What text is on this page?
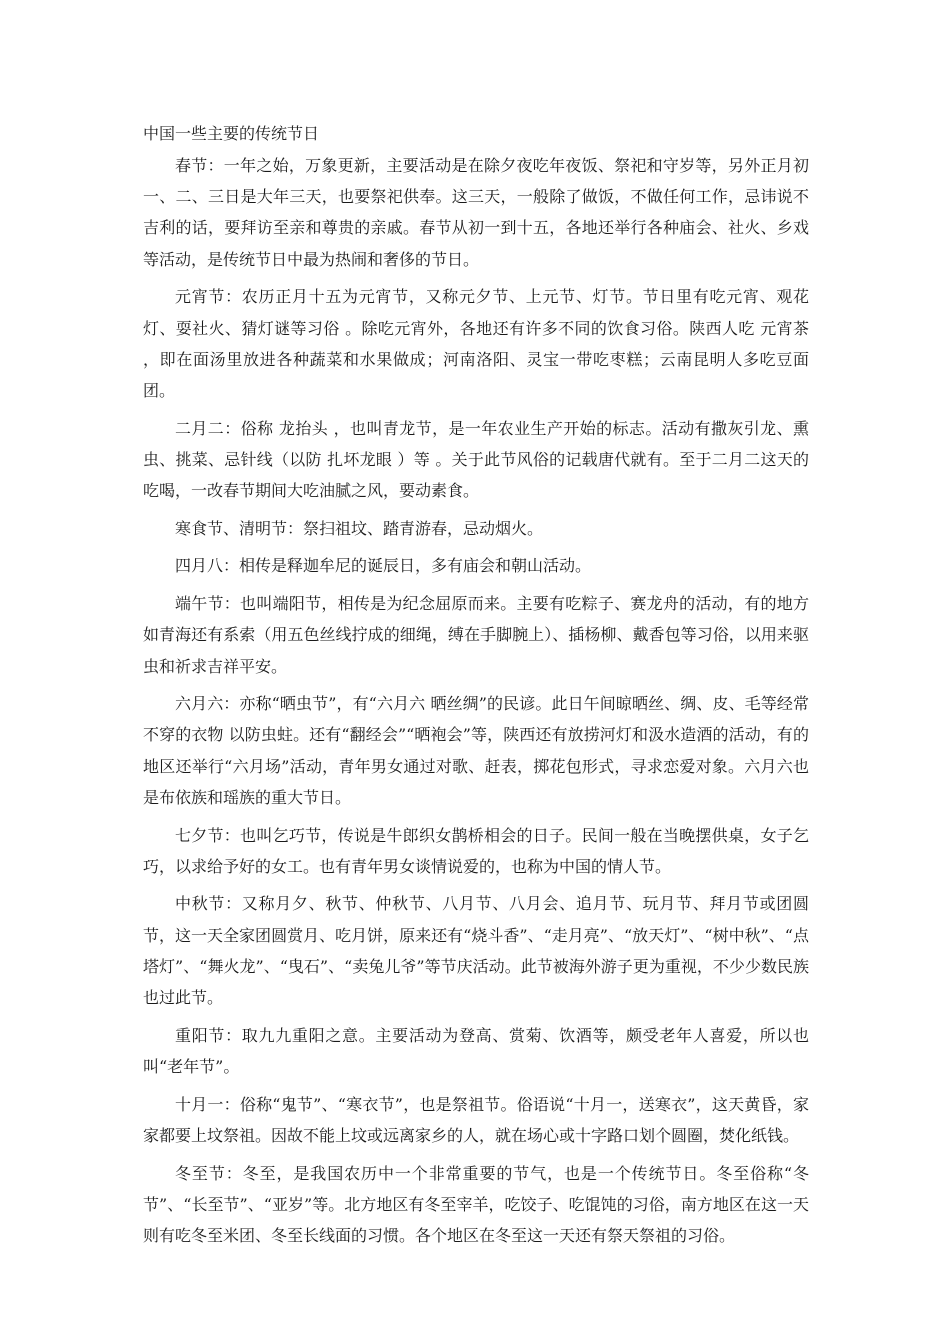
中国一些主要的传统节日

春节：一年之始，万象更新，主要活动是在除夕夜吃年夜饭、祭祀和守岁等，另外正月初一、二、三日是大年三天，也要祭祀供奉。这三天，一般除了做饭，不做任何工作，忌讳说不吉利的话，要拜访至亲和尊贵的亲戚。春节从初一到十五，各地还举行各种庙会、社火、乡戏等活动，是传统节日中最为热闹和奢侈的节日。

元宵节：农历正月十五为元宵节，又称元夕节、上元节、灯节。节日里有吃元宵、观花灯、耍社火、猜灯谜等习俗 。除吃元宵外，各地还有许多不同的饮食习俗。陕西人吃 元宵茶 ，即在面汤里放进各种蔬菜和水果做成；河南洛阳、灵宝一带吃枣糕；云南昆明人多吃豆面团。

二月二：俗称 龙抬头 ，也叫青龙节，是一年农业生产开始的标志。活动有撒灰引龙、熏虫、挑菜、忌针线（以防 扎坏龙眼 ）等 。关于此节风俗的记载唐代就有。至于二月二这天的吃喝，一改春节期间大吃油腻之风，要动素食。

寒食节、清明节：祭扫祖坟、踏青游春，忌动烟火。

四月八：相传是释迦牟尼的诞辰日，多有庙会和朝山活动。

端午节：也叫端阳节，相传是为纪念屈原而来。主要有吃粽子、赛龙舟的活动，有的地方如青海还有系索（用五色丝线拧成的细绳，缚在手脚腕上）、插杨柳、戴香包等习俗，以用来驱虫和祈求吉祥平安。

六月六：亦称“晒虫节”，有“六月六 晒丝绸”的民谚。此日午间晾晒丝、绸、皮、毛等经常不穿的衣物 以防虫蛀。还有“翻经会”“晒袍会”等，陕西还有放捞河灯和汲水造酒的活动，有的地区还举行“六月场”活动，青年男女通过对歌、赶表，掷花包形式，寻求恋爱对象。六月六也是布依族和瑶族的重大节日。

七夕节：也叫乞巧节，传说是牛郎织女鹊桥相会的日子。民间一般在当晚摆供桌，女子乞巧，以求给予好的女工。也有青年男女谈情说爱的，也称为中国的情人节。

中秋节：又称月夕、秋节、仲秋节、八月节、八月会、追月节、玩月节、拜月节或团圆节，这一天全家团圆赏月、吃月饼，原来还有“烧斗香”、“走月亮”、“放天灯”、“树中秋”、“点塔灯”、“舞火龙”、“曳石”、“卖兔儿爷”等节庆活动。此节被海外游子更为重视，不少少数民族也过此节。

重阳节：取九九重阳之意。主要活动为登高、赏菊、饮酒等，颇受老年人喜爱，所以也叫“老年节”。

十月一：俗称“鬼节”、“寒衣节”，也是祭祖节。俗语说“十月一，送寒衣”，这天黄昏，家家都要上坟祭祖。因故不能上坟或远离家乡的人，就在场心或十字路口划个圆圈，焚化纸钱。

冬至节：冬至，是我国农历中一个非常重要的节气，也是一个传统节日。冬至俗称“冬节”、“长至节”、“亚岁”等。北方地区有冬至宰羊，吃饺子、吃馄饨的习俗，南方地区在这一天则有吃冬至米团、冬至长线面的习惯。各个地区在冬至这一天还有祭天祭祖的习俗。
